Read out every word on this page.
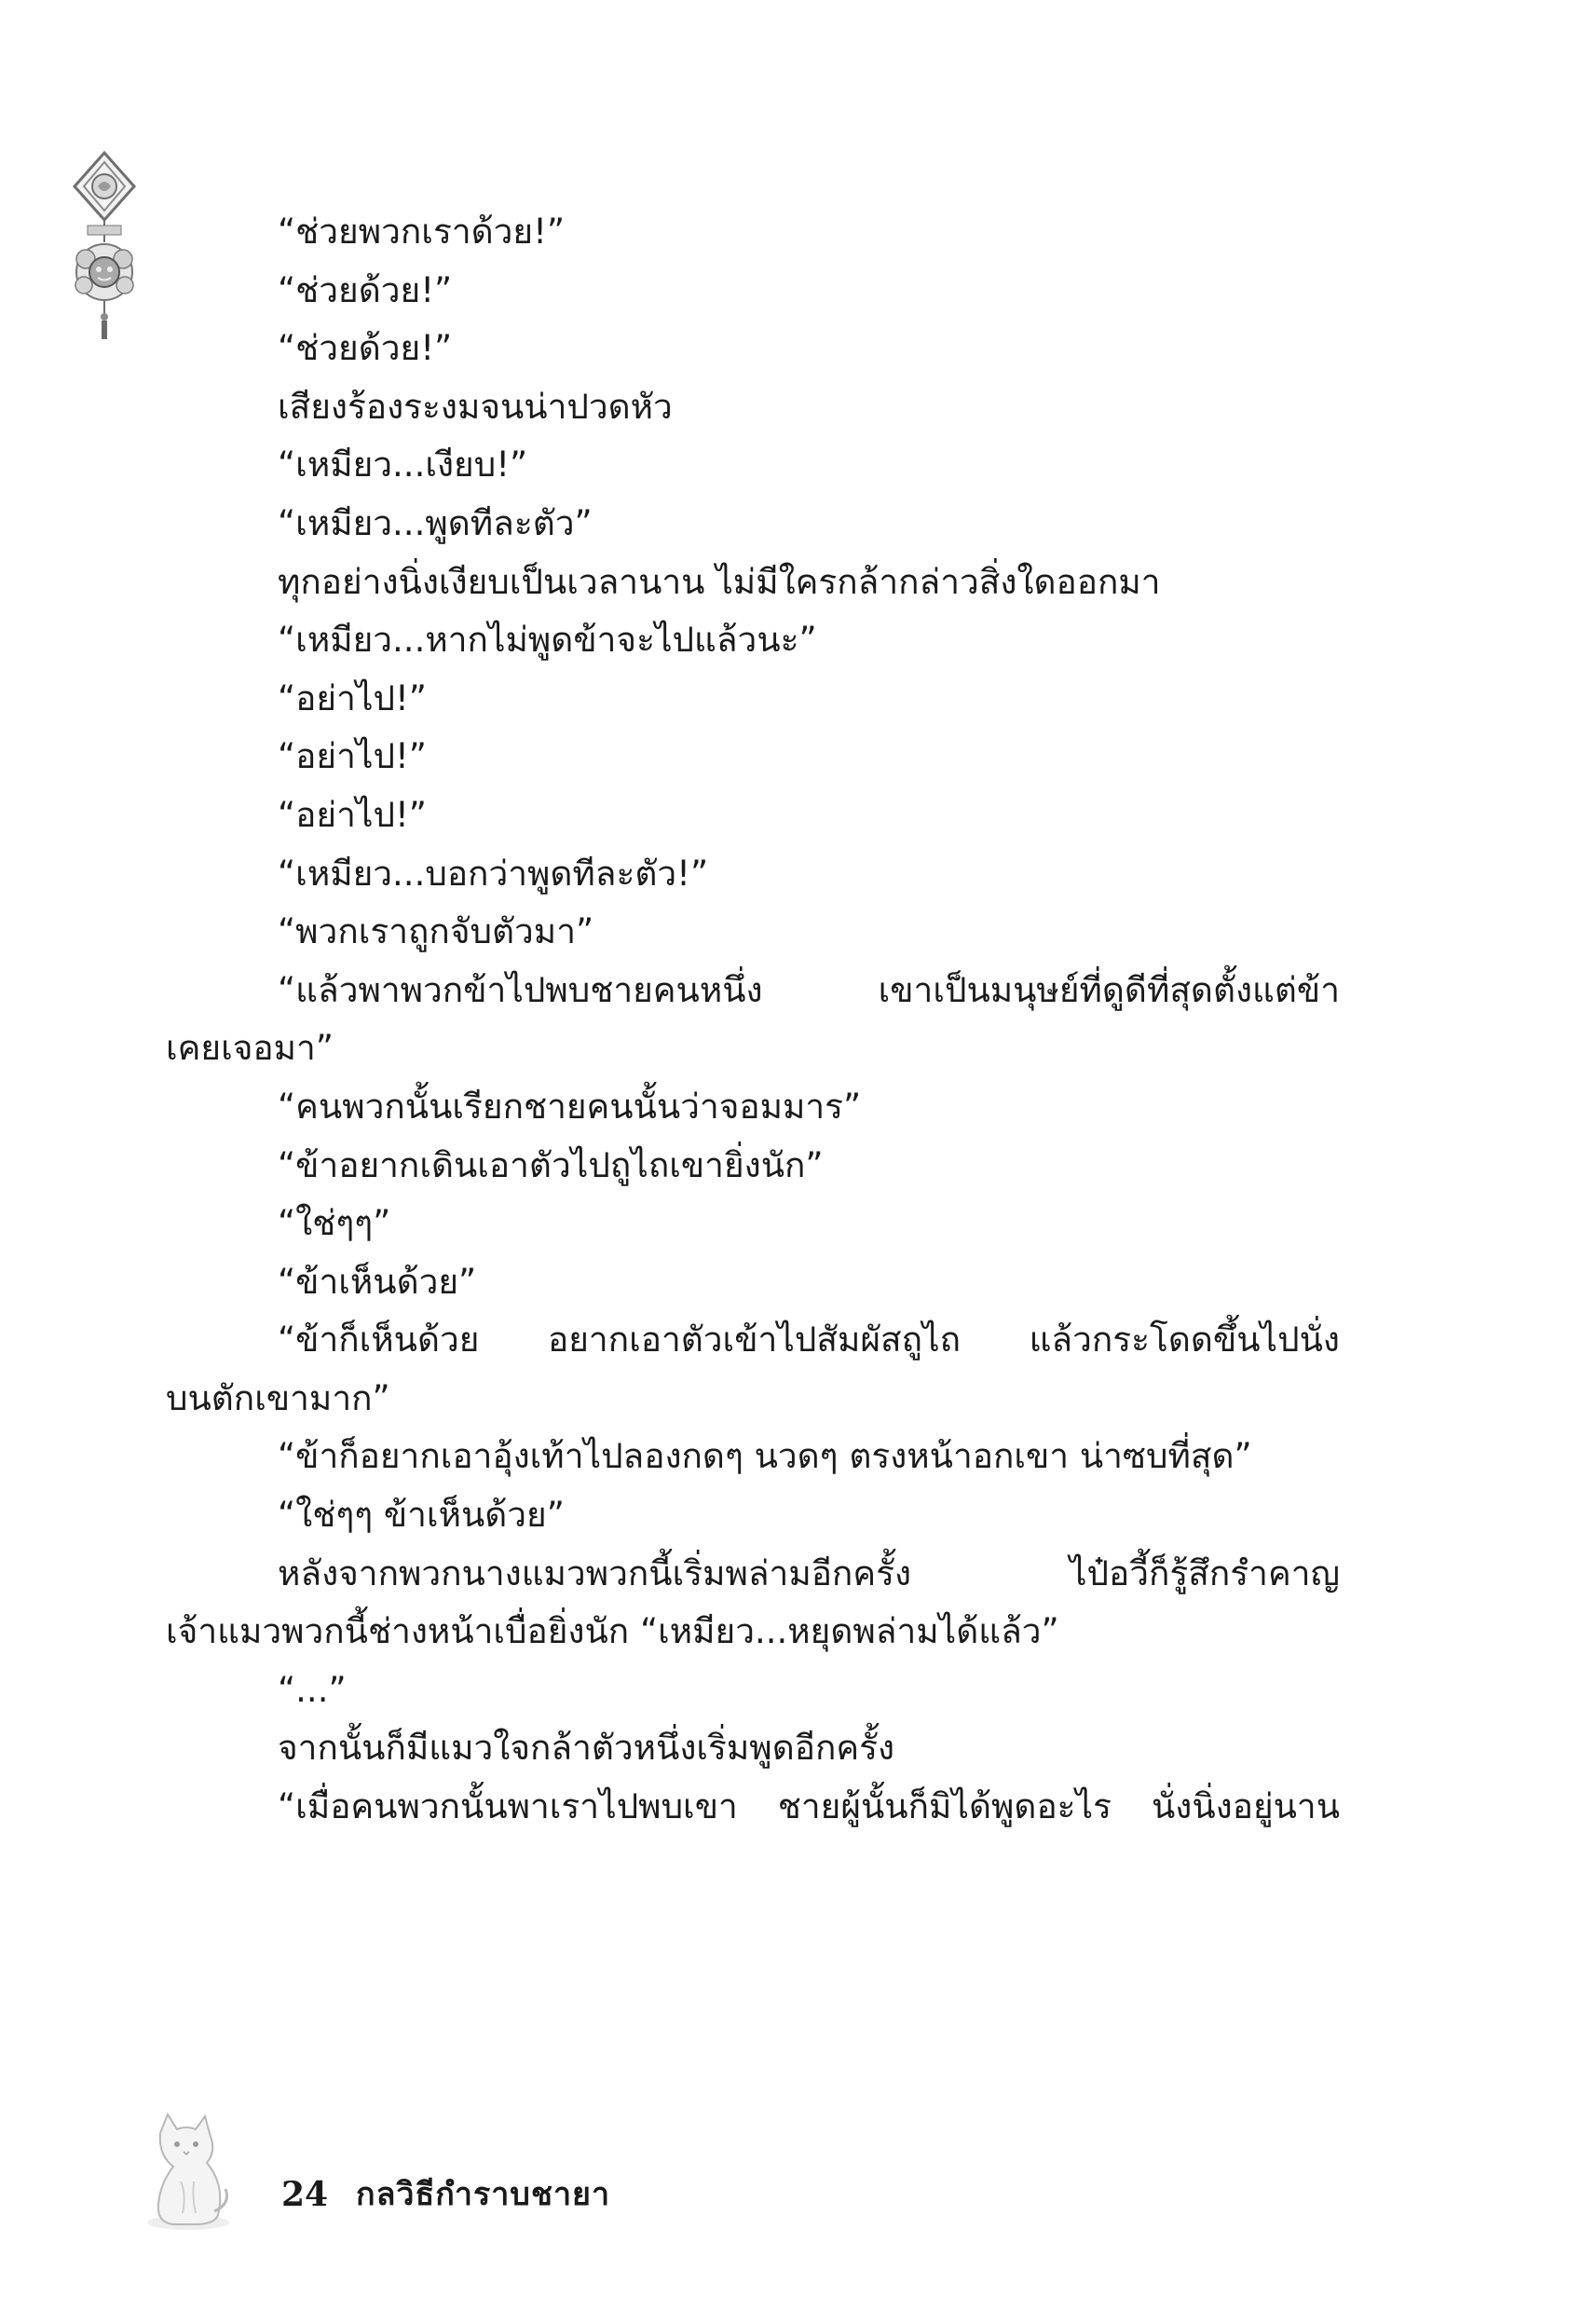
“ช่วยพวกเราด้วย!”
“ช่วยด้วย!”
“ช่วยด้วย!”
เสียงร้องระงมจนน่าปวดหัว
“เหมียว...เงียบ!”
“เหมียว...พูดทีละตัว”
ทุกอย่างนิ่งเงียบเป็นเวลานาน ไม่มีใครกล้ากล่าวสิ่งใดออกมา
“เหมียว...หากไม่พูดข้าจะไปแล้วนะ”
“อย่าไป!”
“อย่าไป!”
“อย่าไป!”
“เหมียว...บอกว่าพูดทีละตัว!”
“พวกเราถูกจับตัวมา”
“แล้วพาพวกข้าไปพบชายคนหนึ่ง เขาเป็นมนุษย์ที่ดูดีที่สุดตั้งแต่ข้า
เคยเจอมา”
“คนพวกนั้นเรียกชายคนนั้นว่าจอมมาร”
“ข้าอยากเดินเอาตัวไปถูไถเขายิ่งนัก”
“ใช่ๆๆ”
“ข้าเห็นด้วย”
“ข้าก็เห็นด้วย อยากเอาตัวเข้าไปสัมผัสถูไถ แล้วกระโดดขึ้นไปนั่ง
บนตักเขามาก”
“ข้าก็อยากเอาอุ้งเท้าไปลองกดๆ นวดๆ ตรงหน้าอกเขา น่าซบที่สุด”
“ใช่ๆๆ ข้าเห็นด้วย”
หลังจากพวกนางแมวพวกนี้เริ่มพล่ามอีกครั้ง ไป๋อวี้ก็รู้สึกรำคาญ
เจ้าแมวพวกนี้ช่างหน้าเบื่อยิ่งนัก “เหมียว...หยุดพล่ามได้แล้ว”
“...”
จากนั้นก็มีแมวใจกล้าตัวหนึ่งเริ่มพูดอีกครั้ง
“เมื่อคนพวกนั้นพาเราไปพบเขา ชายผู้นั้นก็มิได้พูดอะไร นั่งนิ่งอยู่นาน
24 กลวิธีกำราบชายา
